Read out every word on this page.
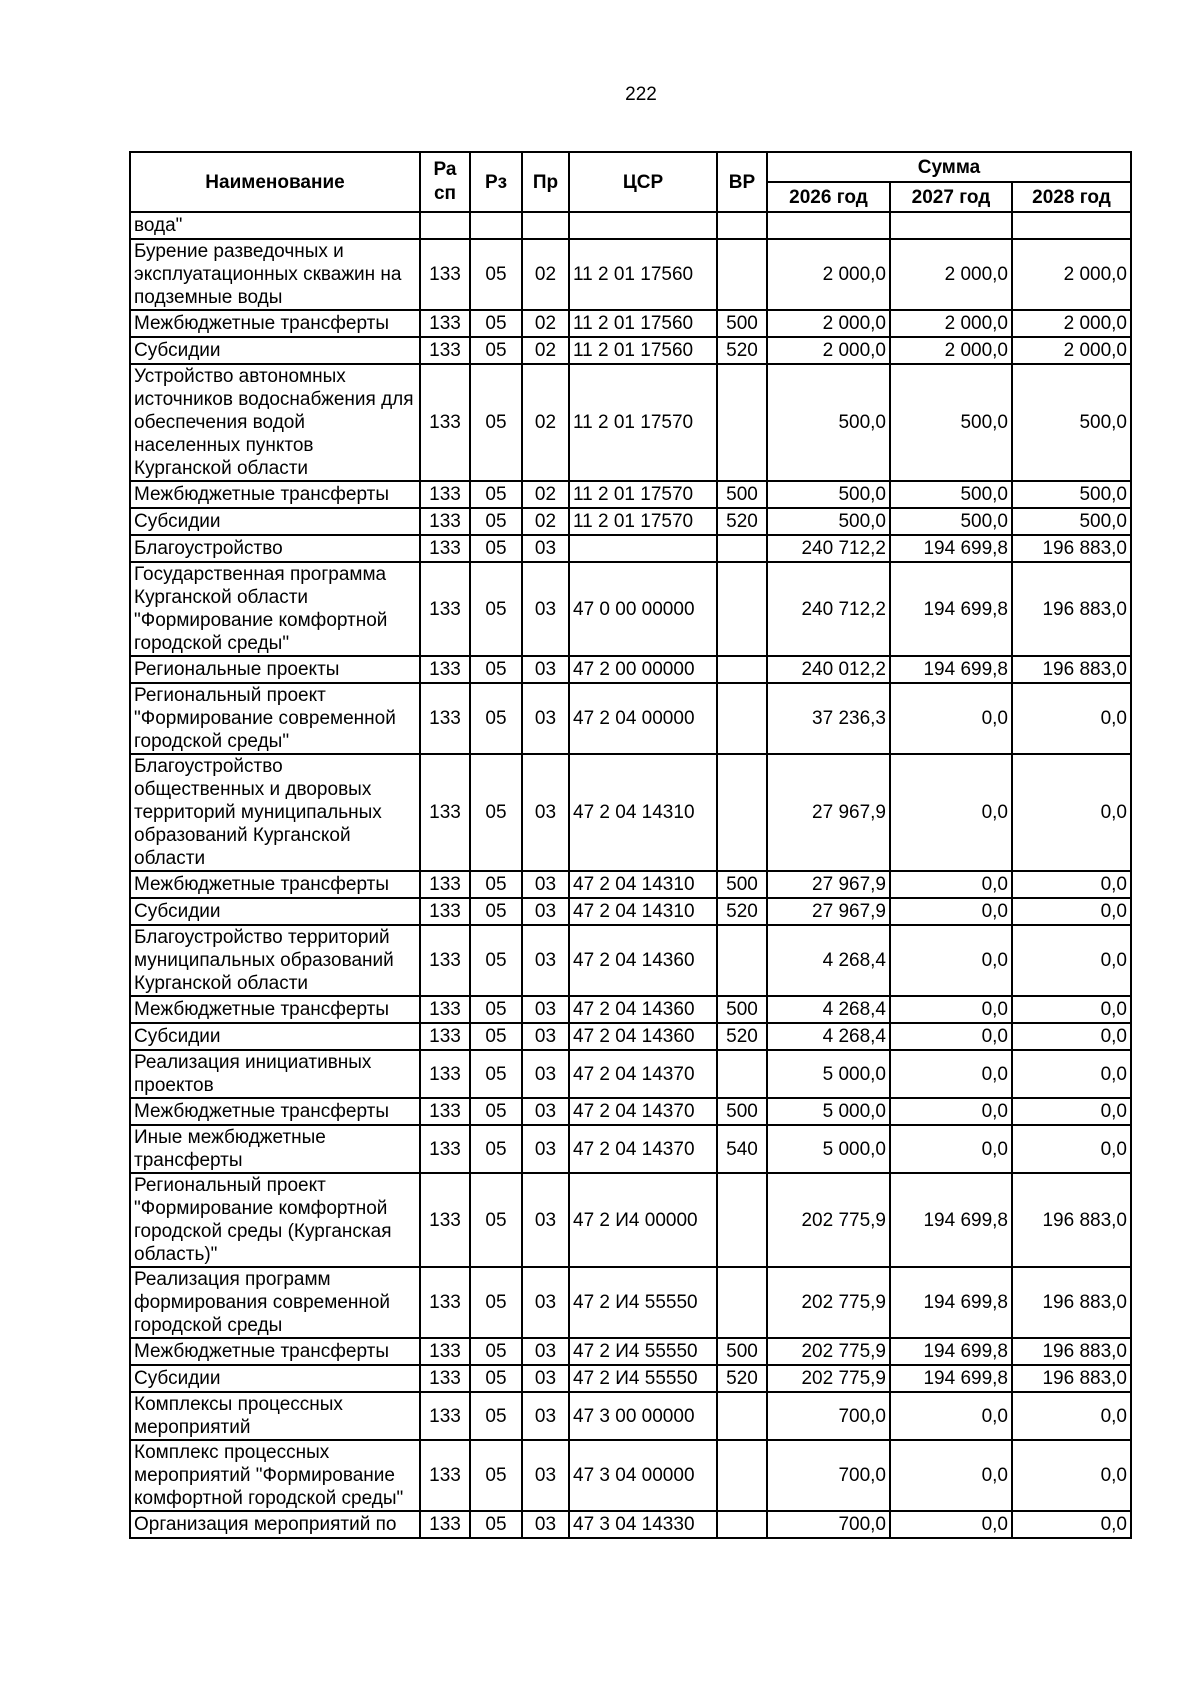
222
Наименование	Ра сп	Рз	Пр	ЦСР	ВР	Сумма		
						2026 год	2027 год	2028 год
вода"								
Бурение разведочных и эксплуатационных скважин на подземные воды	133	05	02	11 2 01 17560		2 000,0	2 000,0	2 000,0
Межбюджетные трансферты	133	05	02	11 2 01 17560	500	2 000,0	2 000,0	2 000,0
Субсидии	133	05	02	11 2 01 17560	520	2 000,0	2 000,0	2 000,0
Устройство автономных источников водоснабжения для обеспечения водой населенных пунктов Курганской области	133	05	02	11 2 01 17570		500,0	500,0	500,0
Межбюджетные трансферты	133	05	02	11 2 01 17570	500	500,0	500,0	500,0
Субсидии	133	05	02	11 2 01 17570	520	500,0	500,0	500,0
Благоустройство	133	05	03			240 712,2	194 699,8	196 883,0
Государственная программа Курганской области "Формирование комфортной городской среды"	133	05	03	47 0 00 00000		240 712,2	194 699,8	196 883,0
Региональные проекты	133	05	03	47 2 00 00000		240 012,2	194 699,8	196 883,0
Региональный проект "Формирование современной городской среды"	133	05	03	47 2 04 00000		37 236,3	0,0	0,0
Благоустройство общественных и дворовых территорий муниципальных образований Курганской области	133	05	03	47 2 04 14310		27 967,9	0,0	0,0
Межбюджетные трансферты	133	05	03	47 2 04 14310	500	27 967,9	0,0	0,0
Субсидии	133	05	03	47 2 04 14310	520	27 967,9	0,0	0,0
Благоустройство территорий муниципальных образований Курганской области	133	05	03	47 2 04 14360		4 268,4	0,0	0,0
Межбюджетные трансферты	133	05	03	47 2 04 14360	500	4 268,4	0,0	0,0
Субсидии	133	05	03	47 2 04 14360	520	4 268,4	0,0	0,0
Реализация инициативных проектов	133	05	03	47 2 04 14370		5 000,0	0,0	0,0
Межбюджетные трансферты	133	05	03	47 2 04 14370	500	5 000,0	0,0	0,0
Иные межбюджетные трансферты	133	05	03	47 2 04 14370	540	5 000,0	0,0	0,0
Региональный проект "Формирование комфортной городской среды (Курганская область)"	133	05	03	47 2 И4 00000		202 775,9	194 699,8	196 883,0
Реализация программ формирования современной городской среды	133	05	03	47 2 И4 55550		202 775,9	194 699,8	196 883,0
Межбюджетные трансферты	133	05	03	47 2 И4 55550	500	202 775,9	194 699,8	196 883,0
Субсидии	133	05	03	47 2 И4 55550	520	202 775,9	194 699,8	196 883,0
Комплексы процессных мероприятий	133	05	03	47 3 00 00000		700,0	0,0	0,0
Комплекс процессных мероприятий "Формирование комфортной городской среды"	133	05	03	47 3 04 00000		700,0	0,0	0,0
Организация мероприятий по	133	05	03	47 3 04 14330		700,0	0,0	0,0
